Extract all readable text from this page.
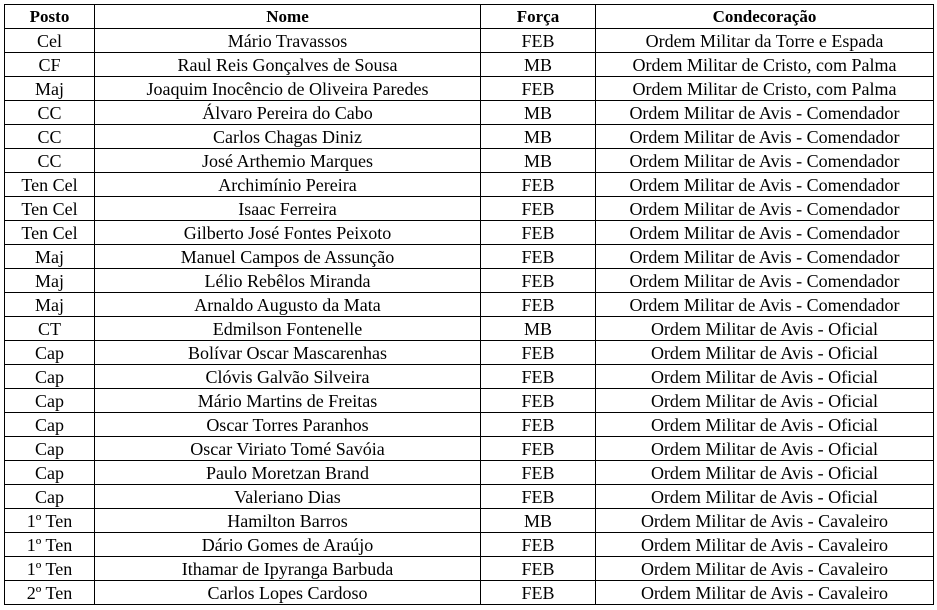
Posto	Nome	Força	Condecoração
Cel	Mário Travassos	FEB	Ordem Militar da Torre e Espada
CF	Raul Reis Gonçalves de Sousa	MB	Ordem Militar de Cristo, com Palma
Maj	Joaquim Inocêncio de Oliveira Paredes	FEB	Ordem Militar de Cristo, com Palma
CC	Álvaro Pereira do Cabo	MB	Ordem Militar de Avis - Comendador
CC	Carlos Chagas Diniz	MB	Ordem Militar de Avis - Comendador
CC	José Arthemio Marques	MB	Ordem Militar de Avis - Comendador
Ten Cel	Archimínio Pereira	FEB	Ordem Militar de Avis - Comendador
Ten Cel	Isaac Ferreira	FEB	Ordem Militar de Avis - Comendador
Ten Cel	Gilberto José Fontes Peixoto	FEB	Ordem Militar de Avis - Comendador
Maj	Manuel Campos de Assunção	FEB	Ordem Militar de Avis - Comendador
Maj	Lélio Rebêlos Miranda	FEB	Ordem Militar de Avis - Comendador
Maj	Arnaldo Augusto da Mata	FEB	Ordem Militar de Avis - Comendador
CT	Edmilson Fontenelle	MB	Ordem Militar de Avis - Oficial
Cap	Bolívar Oscar Mascarenhas	FEB	Ordem Militar de Avis - Oficial
Cap	Clóvis Galvão Silveira	FEB	Ordem Militar de Avis - Oficial
Cap	Mário Martins de Freitas	FEB	Ordem Militar de Avis - Oficial
Cap	Oscar Torres Paranhos	FEB	Ordem Militar de Avis - Oficial
Cap	Oscar Viriato Tomé Savóia	FEB	Ordem Militar de Avis - Oficial
Cap	Paulo Moretzan Brand	FEB	Ordem Militar de Avis - Oficial
Cap	Valeriano Dias	FEB	Ordem Militar de Avis - Oficial
1º Ten	Hamilton Barros	MB	Ordem Militar de Avis - Cavaleiro
1º Ten	Dário Gomes de Araújo	FEB	Ordem Militar de Avis - Cavaleiro
1º Ten	Ithamar de Ipyranga Barbuda	FEB	Ordem Militar de Avis - Cavaleiro
2º Ten	Carlos Lopes Cardoso	FEB	Ordem Militar de Avis - Cavaleiro
